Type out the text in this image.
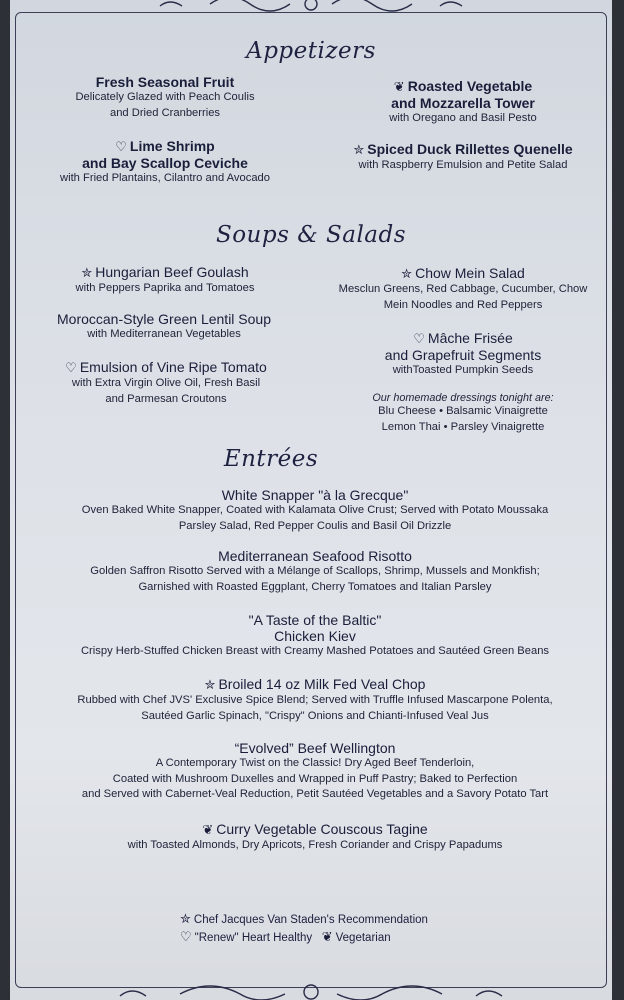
Appetizers
Fresh Seasonal Fruit
Delicately Glazed with Peach Coulis
and Dried Cranberries
♡ Lime Shrimp
and Bay Scallop Ceviche
with Fried Plantains, Cilantro and Avocado
❦ Roasted Vegetable
and Mozzarella Tower
with Oregano and Basil Pesto
✮ Spiced Duck Rillettes Quenelle
with Raspberry Emulsion and Petite Salad
Soups & Salads
✮ Hungarian Beef Goulash
with Peppers Paprika and Tomatoes
Moroccan-Style Green Lentil Soup
with Mediterranean Vegetables
♡ Emulsion of Vine Ripe Tomato
with Extra Virgin Olive Oil, Fresh Basil
and Parmesan Croutons
✮ Chow Mein Salad
Mesclun Greens, Red Cabbage, Cucumber, Chow
Mein Noodles and Red Peppers
♡ Mâche Frisée
and Grapefruit Segments
withToasted Pumpkin Seeds
Our homemade dressings tonight are:
Blu Cheese • Balsamic Vinaigrette
Lemon Thai • Parsley Vinaigrette
Entrées
White Snapper "à la Grecque"
Oven Baked White Snapper, Coated with Kalamata Olive Crust; Served with Potato Moussaka
Parsley Salad, Red Pepper Coulis and Basil Oil Drizzle
Mediterranean Seafood Risotto
Golden Saffron Risotto Served with a Mélange of Scallops, Shrimp, Mussels and Monkfish;
Garnished with Roasted Eggplant, Cherry Tomatoes and Italian Parsley
"A Taste of the Baltic"
Chicken Kiev
Crispy Herb-Stuffed Chicken Breast with Creamy Mashed Potatoes and Sautéed Green Beans
✮ Broiled 14 oz Milk Fed Veal Chop
Rubbed with Chef JVS' Exclusive Spice Blend; Served with Truffle Infused Mascarpone Polenta,
Sautéed Garlic Spinach, "Crispy" Onions and Chianti-Infused Veal Jus
“Evolved” Beef Wellington
A Contemporary Twist on the Classic! Dry Aged Beef Tenderloin,
Coated with Mushroom Duxelles and Wrapped in Puff Pastry; Baked to Perfection
and Served with Cabernet-Veal Reduction, Petit Sautéed Vegetables and a Savory Potato Tart
❦ Curry Vegetable Couscous Tagine
with Toasted Almonds, Dry Apricots, Fresh Coriander and Crispy Papadums
✮ Chef Jacques Van Staden's Recommendation
♡ "Renew" Heart Healthy ❦ Vegetarian
